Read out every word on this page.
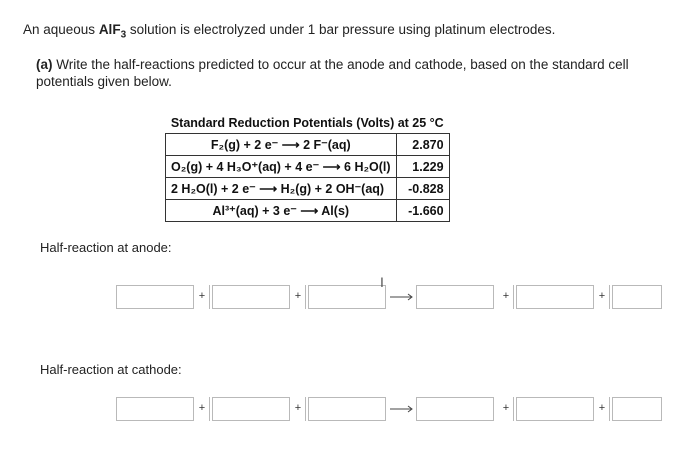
An aqueous AlF$_3$ solution is electrolyzed under 1 bar pressure using platinum electrodes.

(a) Write the half-reactions predicted to occur at the anode and cathode, based on the standard cell potentials given below.

Standard Reduction Potentials (Volts) at 25 °C	
F₂(g) + 2 e⁻ ⟶ 2 F⁻(aq)	2.870
O₂(g) + 4 H₃O⁺(aq) + 4 e⁻ ⟶ 6 H₂O(l)	1.229
2 H₂O(l) + 2 e⁻ ⟶ H₂(g) + 2 OH⁻(aq)	-0.828
Al³⁺(aq) + 3 e⁻ ⟶ Al(s)	-1.660
Half-reaction at anode:
+	+
I
+	+
Half-reaction at cathode:
+	+	+	+
